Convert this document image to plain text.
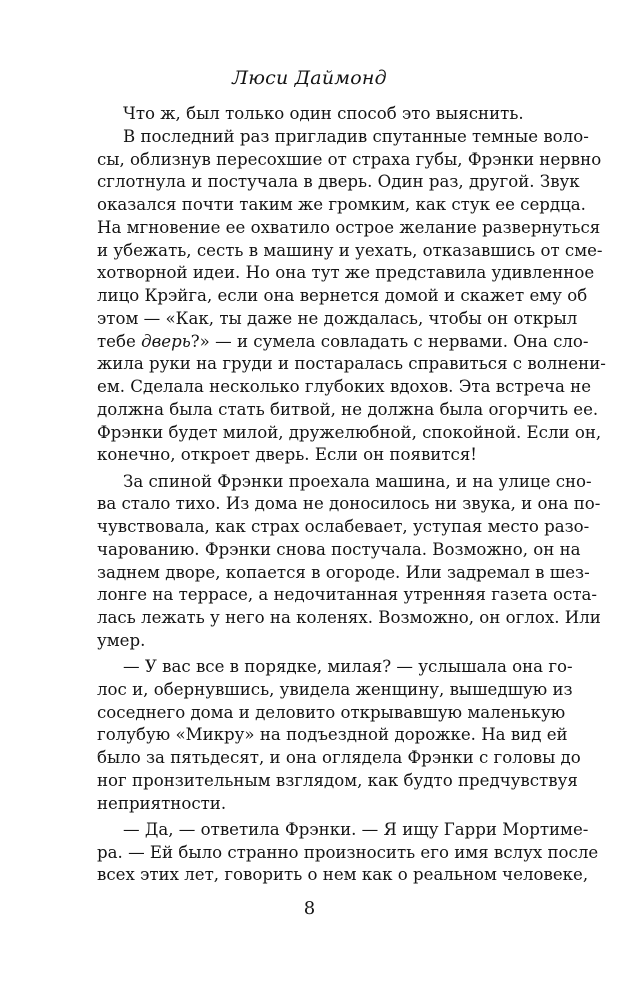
Люси Даймонд
Что ж, был только один способ это выяснить.
В последний раз пригладив спутанные темные воло-
сы, облизнув пересохшие от страха губы, Фрэнки нервно
сглотнула и постучала в дверь. Один раз, другой. Звук
оказался почти таким же громким, как стук ее сердца.
На мгновение ее охватило острое желание развернуться
и убежать, сесть в машину и уехать, отказавшись от сме-
хотворной идеи. Но она тут же представила удивленное
лицо Крэйга, если она вернется домой и скажет ему об
этом — «Как, ты даже не дождалась, чтобы он открыл
тебе дверь?» — и сумела совладать с нервами. Она сло-
жила руки на груди и постаралась справиться с волнени-
ем. Сделала несколько глубоких вдохов. Эта встреча не
должна была стать битвой, не должна была огорчить ее.
Фрэнки будет милой, дружелюбной, спокойной. Если он,
конечно, откроет дверь. Если он появится!
За спиной Фрэнки проехала машина, и на улице сно-
ва стало тихо. Из дома не доносилось ни звука, и она по-
чувствовала, как страх ослабевает, уступая место разо-
чарованию. Фрэнки снова постучала. Возможно, он на
заднем дворе, копается в огороде. Или задремал в шез-
лонге на террасе, а недочитанная утренняя газета оста-
лась лежать у него на коленях. Возможно, он оглох. Или
умер.
— У вас все в порядке, милая? — услышала она го-
лос и, обернувшись, увидела женщину, вышедшую из
соседнего дома и деловито открывавшую маленькую
голубую «Микру» на подъездной дорожке. На вид ей
было за пятьдесят, и она оглядела Фрэнки с головы до
ног пронзительным взглядом, как будто предчувствуя
неприятности.
— Да, — ответила Фрэнки. — Я ищу Гарри Мортиме-
ра. — Ей было странно произносить его имя вслух после
всех этих лет, говорить о нем как о реальном человеке,
8
